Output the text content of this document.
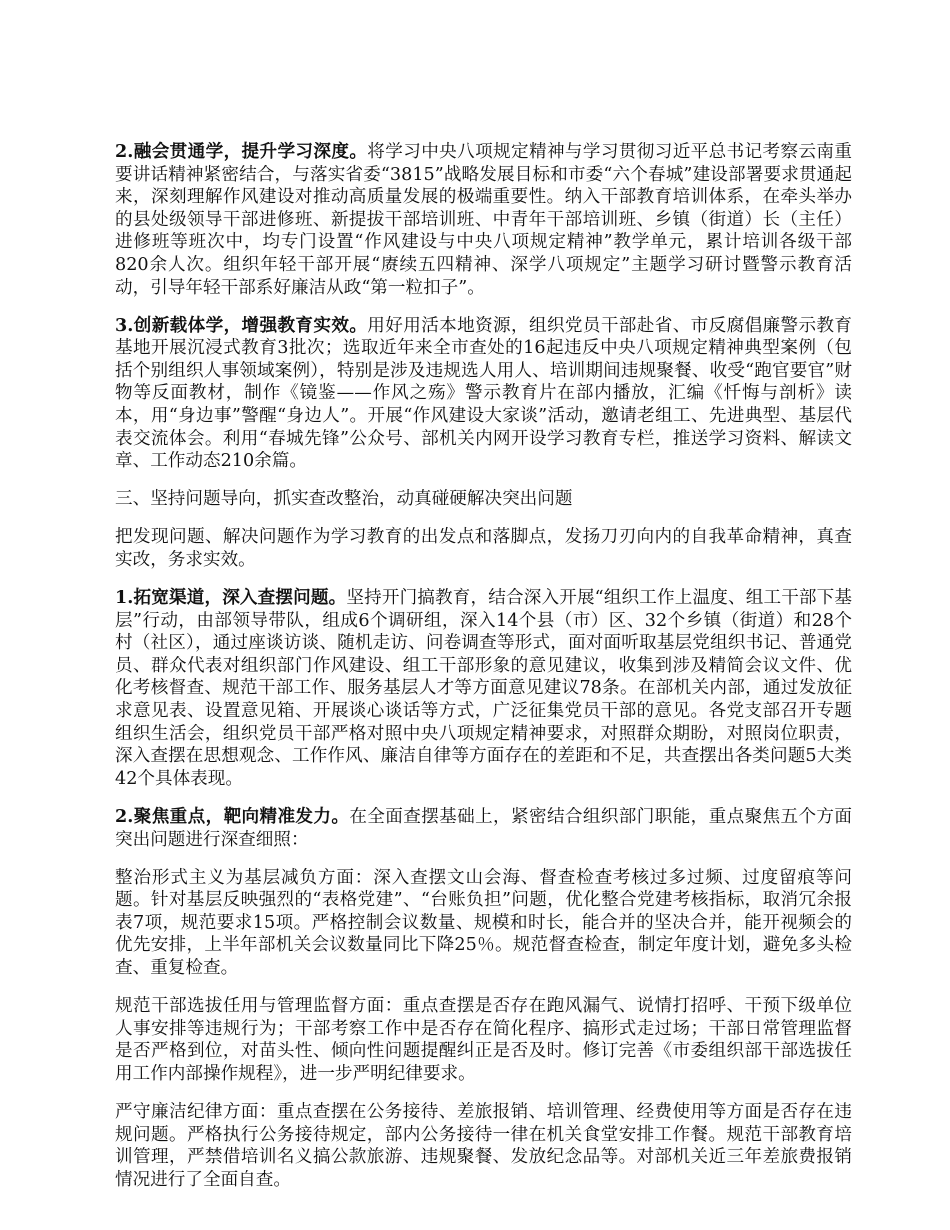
2.融会贯通学，提升学习深度。将学习中央八项规定精神与学习贯彻习近平总书记考察云南重要讲话精神紧密结合，与落实省委“3815”战略发展目标和市委“六个春城”建设部署要求贯通起来，深刻理解作风建设对推动高质量发展的极端重要性。纳入干部教育培训体系，在牵头举办的县处级领导干部进修班、新提拔干部培训班、中青年干部培训班、乡镇（街道）长（主任）进修班等班次中，均专门设置“作风建设与中央八项规定精神”教学单元，累计培训各级干部820余人次。组织年轻干部开展“赓续五四精神、深学八项规定”主题学习研讨暨警示教育活动，引导年轻干部系好廉洁从政“第一粒扣子”。

3.创新载体学，增强教育实效。用好用活本地资源，组织党员干部赴省、市反腐倡廉警示教育基地开展沉浸式教育3批次；选取近年来全市查处的16起违反中央八项规定精神典型案例（包括个别组织人事领域案例），特别是涉及违规选人用人、培训期间违规聚餐、收受“跑官要官”财物等反面教材，制作《镜鉴——作风之殇》警示教育片在部内播放，汇编《忏悔与剖析》读本，用“身边事”警醒“身边人”。开展“作风建设大家谈”活动，邀请老组工、先进典型、基层代表交流体会。利用“春城先锋”公众号、部机关内网开设学习教育专栏，推送学习资料、解读文章、工作动态210余篇。

三、坚持问题导向，抓实查改整治，动真碰硬解决突出问题

把发现问题、解决问题作为学习教育的出发点和落脚点，发扬刀刃向内的自我革命精神，真查实改，务求实效。

1.拓宽渠道，深入查摆问题。坚持开门搞教育，结合深入开展“组织工作上温度、组工干部下基层”行动，由部领导带队，组成6个调研组，深入14个县（市）区、32个乡镇（街道）和28个村（社区），通过座谈访谈、随机走访、问卷调查等形式，面对面听取基层党组织书记、普通党员、群众代表对组织部门作风建设、组工干部形象的意见建议，收集到涉及精简会议文件、优化考核督查、规范干部工作、服务基层人才等方面意见建议78条。在部机关内部，通过发放征求意见表、设置意见箱、开展谈心谈话等方式，广泛征集党员干部的意见。各党支部召开专题组织生活会，组织党员干部严格对照中央八项规定精神要求，对照群众期盼，对照岗位职责，深入查摆在思想观念、工作作风、廉洁自律等方面存在的差距和不足，共查摆出各类问题5大类42个具体表现。

2.聚焦重点，靶向精准发力。在全面查摆基础上，紧密结合组织部门职能，重点聚焦五个方面突出问题进行深查细照：

整治形式主义为基层减负方面：深入查摆文山会海、督查检查考核过多过频、过度留痕等问题。针对基层反映强烈的“表格党建”、“台账负担”问题，优化整合党建考核指标，取消冗余报表7项，规范要求15项。严格控制会议数量、规模和时长，能合并的坚决合并，能开视频会的优先安排，上半年部机关会议数量同比下降25％。规范督查检查，制定年度计划，避免多头检查、重复检查。

规范干部选拔任用与管理监督方面：重点查摆是否存在跑风漏气、说情打招呼、干预下级单位人事安排等违规行为；干部考察工作中是否存在简化程序、搞形式走过场；干部日常管理监督是否严格到位，对苗头性、倾向性问题提醒纠正是否及时。修订完善《市委组织部干部选拔任用工作内部操作规程》，进一步严明纪律要求。

严守廉洁纪律方面：重点查摆在公务接待、差旅报销、培训管理、经费使用等方面是否存在违规问题。严格执行公务接待规定，部内公务接待一律在机关食堂安排工作餐。规范干部教育培训管理，严禁借培训名义搞公款旅游、违规聚餐、发放纪念品等。对部机关近三年差旅费报销情况进行了全面自查。
